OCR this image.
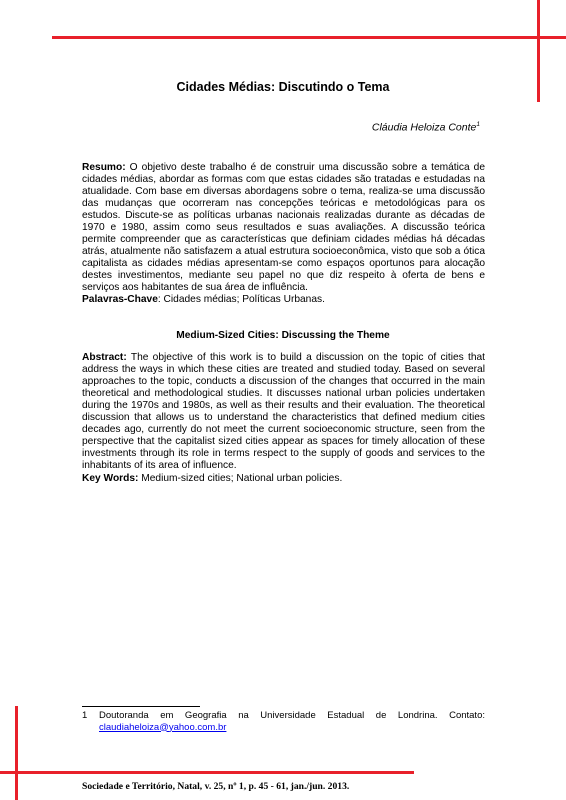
Cidades Médias: Discutindo o Tema
Cláudia Heloiza Conte$^1$
Resumo: O objetivo deste trabalho é de construir uma discussão sobre a temática de cidades médias, abordar as formas com que estas cidades são tratadas e estudadas na atualidade. Com base em diversas abordagens sobre o tema, realiza-se uma discussão das mudanças que ocorreram nas concepções teóricas e metodológicas para os estudos. Discute-se as políticas urbanas nacionais realizadas durante as décadas de 1970 e 1980, assim como seus resultados e suas avaliações. A discussão teórica permite compreender que as características que definiam cidades médias há décadas atrás, atualmente não satisfazem a atual estrutura socioeconômica, visto que sob a ótica capitalista as cidades médias apresentam-se como espaços oportunos para alocação destes investimentos, mediante seu papel no que diz respeito à oferta de bens e serviços aos habitantes de sua área de influência.
Palavras-Chave: Cidades médias; Políticas Urbanas.
Medium-Sized Cities: Discussing the Theme
Abstract: The objective of this work is to build a discussion on the topic of cities that address the ways in which these cities are treated and studied today. Based on several approaches to the topic, conducts a discussion of the changes that occurred in the main theoretical and methodological studies. It discusses national urban policies undertaken during the 1970s and 1980s, as well as their results and their evaluation. The theoretical discussion that allows us to understand the characteristics that defined medium cities decades ago, currently do not meet the current socioeconomic structure, seen from the perspective that the capitalist sized cities appear as spaces for timely allocation of these investments through its role in terms respect to the supply of goods and services to the inhabitants of its area of influence.
Key Words: Medium-sized cities; National urban policies.
1 Doutoranda em Geografia na Universidade Estadual de Londrina. Contato:
claudiaheloiza@yahoo.com.br
Sociedade e Território, Natal, v. 25, nº 1, p. 45 - 61, jan./jun. 2013.
